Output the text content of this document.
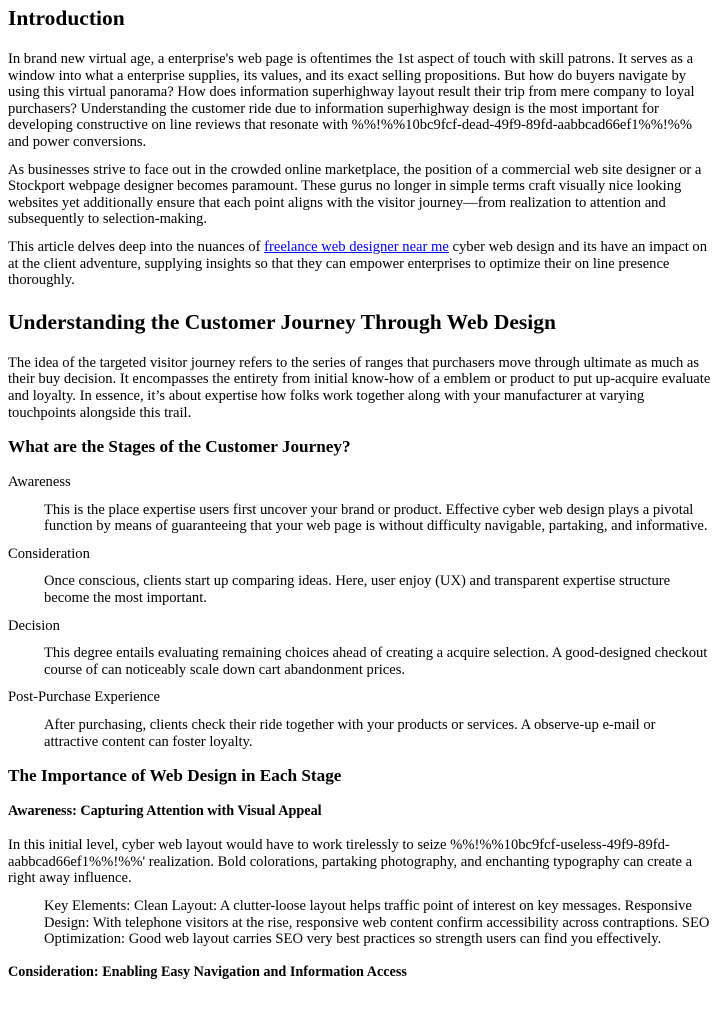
Introduction

In brand new virtual age, a enterprise's web page is oftentimes the 1st aspect of touch with skill patrons. It serves as a window into what a enterprise supplies, its values, and its exact selling propositions. But how do buyers navigate by using this virtual panorama? How does information superhighway layout result their trip from mere company to loyal purchasers? Understanding the customer ride due to information superhighway design is the most important for developing constructive on line reviews that resonate with %%!%%10bc9fcf-dead-49f9-89fd-aabbcad66ef1%%!%% and power conversions.

As businesses strive to face out in the crowded online marketplace, the position of a commercial web site designer or a Stockport webpage designer becomes paramount. These gurus no longer in simple terms craft visually nice looking websites yet additionally ensure that each point aligns with the visitor journey—from realization to attention and subsequently to selection-making.

This article delves deep into the nuances of freelance web designer near me cyber web design and its have an impact on at the client adventure, supplying insights so that they can empower enterprises to optimize their on line presence thoroughly.

Understanding the Customer Journey Through Web Design

The idea of the targeted visitor journey refers to the series of ranges that purchasers move through ultimate as much as their buy decision. It encompasses the entirety from initial know-how of a emblem or product to put up-acquire evaluate and loyalty. In essence, it’s about expertise how folks work together along with your manufacturer at varying touchpoints alongside this trail.

What are the Stages of the Customer Journey?
Awareness
This is the place expertise users first uncover your brand or product. Effective cyber web design plays a pivotal function by means of guaranteeing that your web page is without difficulty navigable, partaking, and informative.
Consideration
Once conscious, clients start up comparing ideas. Here, user enjoy (UX) and transparent expertise structure become the most important.
Decision
This degree entails evaluating remaining choices ahead of creating a acquire selection. A good-designed checkout course of can noticeably scale down cart abandonment prices.
Post-Purchase Experience
After purchasing, clients check their ride together with your products or services. A observe-up e-mail or attractive content can foster loyalty.
The Importance of Web Design in Each Stage
Awareness: Capturing Attention with Visual Appeal

In this initial level, cyber web layout would have to work tirelessly to seize %%!%%10bc9fcf-useless-49f9-89fd-aabbcad66ef1%%!%%' realization. Bold colorations, partaking photography, and enchanting typography can create a right away influence.

Key Elements: Clean Layout: A clutter-loose layout helps traffic point of interest on key messages. Responsive Design: With telephone visitors at the rise, responsive web content confirm accessibility across contraptions. SEO Optimization: Good web layout carries SEO very best practices so strength users can find you effectively.
Consideration: Enabling Easy Navigation and Information Access
